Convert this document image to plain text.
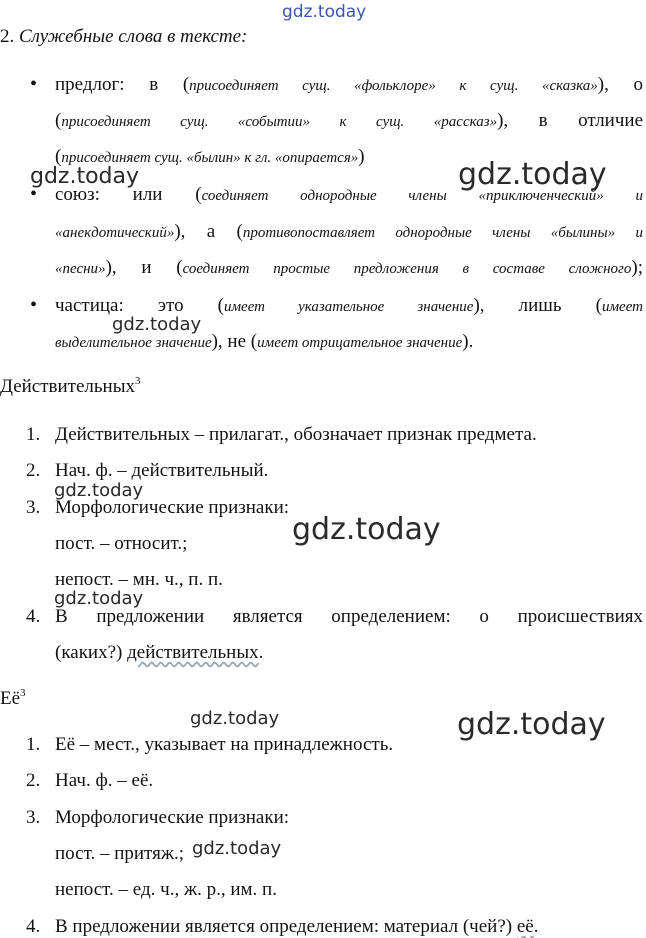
gdz.today
gdz.today	gdz.today
gdz.today
gdz.today
gdz.today
gdz.today
gdz.today	gdz.today
gdz.today
2. Служебные слова в тексте:
• предлог: в (присоединяет сущ. «фольклоре» к сущ. «сказка»), о
(присоединяет сущ. «событии» к сущ. «рассказ»), в отличие
(присоединяет сущ. «былин» к гл. «опирается»)
• союз: или (соединяет однородные члены «приключенческий» и
«анекдотический»), а (противопоставляет однородные члены «былины» и
«песни»), и (соединяет простые предложения в составе сложного);
• частица: это (имеет указательное значение), лишь (имеет
выделительное значение), не (имеет отрицательное значение).
Действительных$^3$
1. Действительных – прилагат., обозначает признак предмета.
2. Нач. ф. – действительный.
3. Морфологические признаки:
пост. – относит.;
непост. – мн. ч., п. п.
4. В предложении является определением: о происшествиях
(каких?) действительных.
$Её^3$
1. Её – мест., указывает на принадлежность.
2. Нач. ф. – её.
3. Морфологические признаки:
пост. – притяж.;
непост. – ед. ч., ж. р., им. п.
4. В предложении является определением: материал (чей?) её.
